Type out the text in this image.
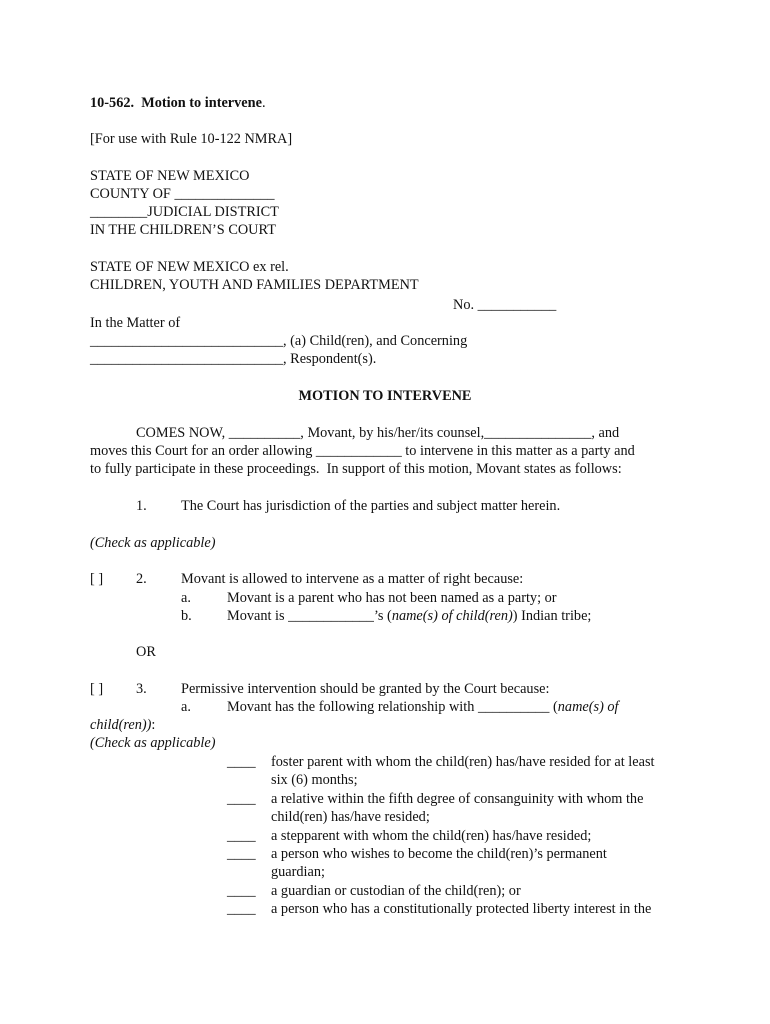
10-562. Motion to intervene.
[For use with Rule 10-122 NMRA]
STATE OF NEW MEXICO
COUNTY OF ______________
________JUDICIAL DISTRICT
IN THE CHILDREN’S COURT
STATE OF NEW MEXICO ex rel.
CHILDREN, YOUTH AND FAMILIES DEPARTMENT
No. ___________
In the Matter of
___________________________, (a) Child(ren), and Concerning
___________________________, Respondent(s).
MOTION TO INTERVENE
COMES NOW, __________, Movant, by his/her/its counsel,_______________, and
moves this Court for an order allowing ____________ to intervene in this matter as a party and
to fully participate in these proceedings.  In support of this motion, Movant states as follows:
1. The Court has jurisdiction of the parties and subject matter herein.
(Check as applicable)
[ ] 2. Movant is allowed to intervene as a matter of right because:
a.	Movant is a parent who has not been named as a party; or
b. Movant is ____________’s (name(s) of child(ren)) Indian tribe;
OR
[ ] 3. Permissive intervention should be granted by the Court because:
a.	Movant has the following relationship with __________ (name(s) of
child(ren)):
(Check as applicable)
____ foster parent with whom the child(ren) has/have resided for at least
six (6) months;
____ a relative within the fifth degree of consanguinity with whom the
child(ren) has/have resided;
____ a stepparent with whom the child(ren) has/have resided;
____ a person who wishes to become the child(ren)’s permanent
guardian;
____ a guardian or custodian of the child(ren); or
____ a person who has a constitutionally protected liberty interest in the
